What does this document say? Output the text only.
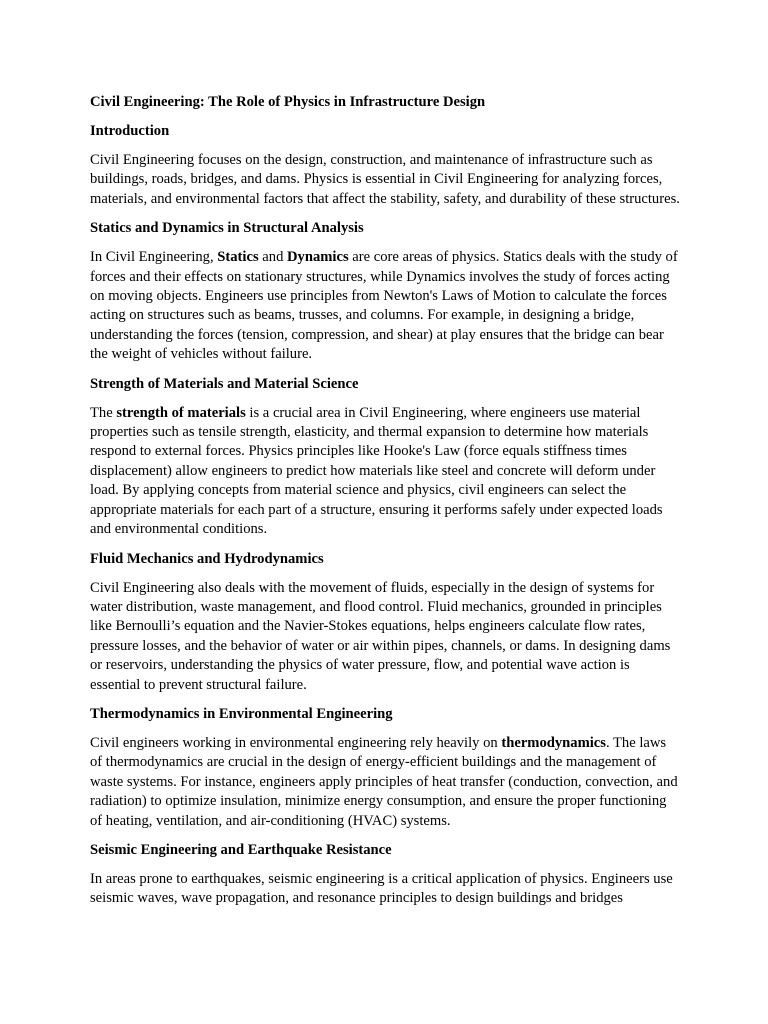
Civil Engineering: The Role of Physics in Infrastructure Design
Introduction
Civil Engineering focuses on the design, construction, and maintenance of infrastructure such as buildings, roads, bridges, and dams. Physics is essential in Civil Engineering for analyzing forces, materials, and environmental factors that affect the stability, safety, and durability of these structures.
Statics and Dynamics in Structural Analysis
In Civil Engineering, Statics and Dynamics are core areas of physics. Statics deals with the study of forces and their effects on stationary structures, while Dynamics involves the study of forces acting on moving objects. Engineers use principles from Newton's Laws of Motion to calculate the forces acting on structures such as beams, trusses, and columns. For example, in designing a bridge, understanding the forces (tension, compression, and shear) at play ensures that the bridge can bear the weight of vehicles without failure.
Strength of Materials and Material Science
The strength of materials is a crucial area in Civil Engineering, where engineers use material properties such as tensile strength, elasticity, and thermal expansion to determine how materials respond to external forces. Physics principles like Hooke's Law (force equals stiffness times displacement) allow engineers to predict how materials like steel and concrete will deform under load. By applying concepts from material science and physics, civil engineers can select the appropriate materials for each part of a structure, ensuring it performs safely under expected loads and environmental conditions.
Fluid Mechanics and Hydrodynamics
Civil Engineering also deals with the movement of fluids, especially in the design of systems for water distribution, waste management, and flood control. Fluid mechanics, grounded in principles like Bernoulli’s equation and the Navier-Stokes equations, helps engineers calculate flow rates, pressure losses, and the behavior of water or air within pipes, channels, or dams. In designing dams or reservoirs, understanding the physics of water pressure, flow, and potential wave action is essential to prevent structural failure.
Thermodynamics in Environmental Engineering
Civil engineers working in environmental engineering rely heavily on thermodynamics. The laws of thermodynamics are crucial in the design of energy-efficient buildings and the management of waste systems. For instance, engineers apply principles of heat transfer (conduction, convection, and radiation) to optimize insulation, minimize energy consumption, and ensure the proper functioning of heating, ventilation, and air-conditioning (HVAC) systems.
Seismic Engineering and Earthquake Resistance
In areas prone to earthquakes, seismic engineering is a critical application of physics. Engineers use seismic waves, wave propagation, and resonance principles to design buildings and bridges
